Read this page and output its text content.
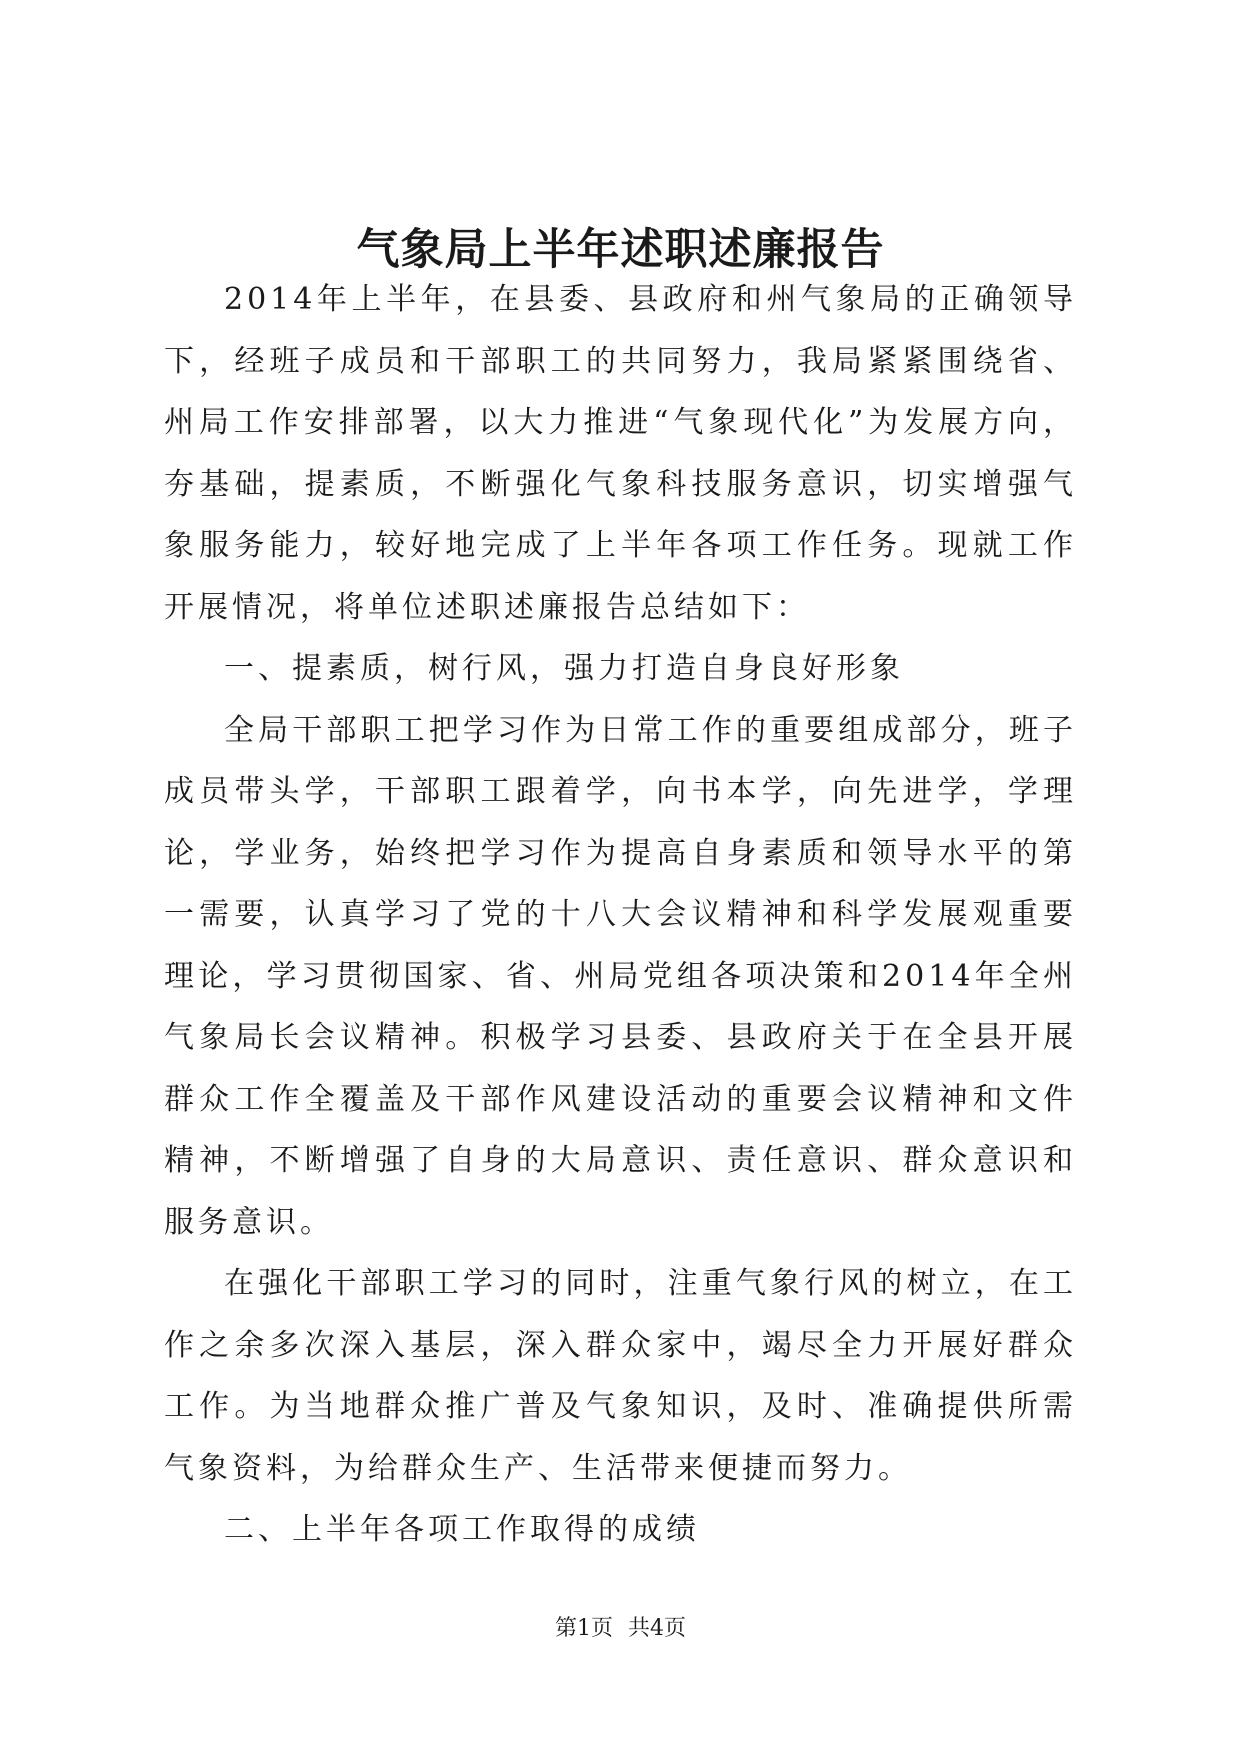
气象局上半年述职述廉报告

2014年上半年，在县委、县政府和州气象局的正确领导下，经班子成员和干部职工的共同努力，我局紧紧围绕省、州局工作安排部署，以大力推进“气象现代化”为发展方向，夯基础，提素质，不断强化气象科技服务意识，切实增强气象服务能力，较好地完成了上半年各项工作任务。现就工作开展情况，将单位述职述廉报告总结如下：

一、提素质，树行风，强力打造自身良好形象

全局干部职工把学习作为日常工作的重要组成部分，班子成员带头学，干部职工跟着学，向书本学，向先进学，学理论，学业务，始终把学习作为提高自身素质和领导水平的第一需要，认真学习了党的十八大会议精神和科学发展观重要理论，学习贯彻国家、省、州局党组各项决策和2014年全州气象局长会议精神。积极学习县委、县政府关于在全县开展群众工作全覆盖及干部作风建设活动的重要会议精神和文件精神，不断增强了自身的大局意识、责任意识、群众意识和服务意识。

在强化干部职工学习的同时，注重气象行风的树立，在工作之余多次深入基层，深入群众家中，竭尽全力开展好群众工作。为当地群众推广普及气象知识，及时、准确提供所需气象资料，为给群众生产、生活带来便捷而努力。

二、上半年各项工作取得的成绩

第1页 共4页
